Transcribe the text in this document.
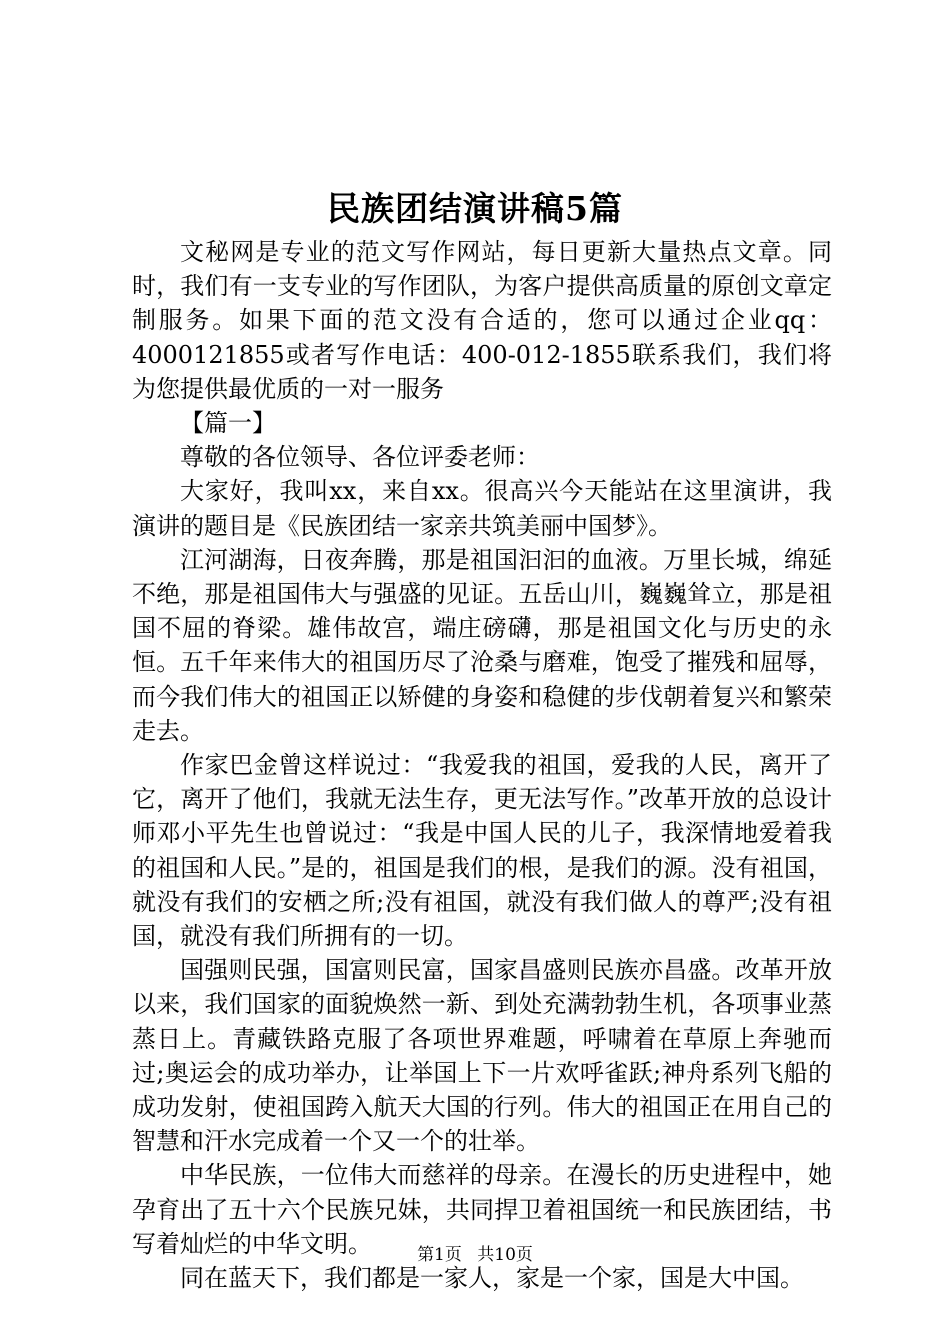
民族团结演讲稿5篇

文秘网是专业的范文写作网站，每日更新大量热点文章。同时，我们有一支专业的写作团队，为客户提供高质量的原创文章定制服务。如果下面的范文没有合适的，您可以通过企业qq：4000121855或者写作电话：400-012-1855联系我们，我们将为您提供最优质的一对一服务

【篇一】

尊敬的各位领导、各位评委老师：

大家好，我叫xx，来自xx。很高兴今天能站在这里演讲，我演讲的题目是《民族团结一家亲共筑美丽中国梦》。

江河湖海，日夜奔腾，那是祖国汩汩的血液。万里长城，绵延不绝，那是祖国伟大与强盛的见证。五岳山川，巍巍耸立，那是祖国不屈的脊梁。雄伟故宫，端庄磅礴，那是祖国文化与历史的永恒。五千年来伟大的祖国历尽了沧桑与磨难，饱受了摧残和屈辱，而今我们伟大的祖国正以矫健的身姿和稳健的步伐朝着复兴和繁荣走去。

作家巴金曾这样说过：“我爱我的祖国，爱我的人民，离开了它，离开了他们，我就无法生存，更无法写作。”改革开放的总设计师邓小平先生也曾说过：“我是中国人民的儿子，我深情地爱着我的祖国和人民。”是的，祖国是我们的根，是我们的源。没有祖国，就没有我们的安栖之所;没有祖国，就没有我们做人的尊严;没有祖国，就没有我们所拥有的一切。

国强则民强，国富则民富，国家昌盛则民族亦昌盛。改革开放以来，我们国家的面貌焕然一新、到处充满勃勃生机，各项事业蒸蒸日上。青藏铁路克服了各项世界难题，呼啸着在草原上奔驰而过;奥运会的成功举办，让举国上下一片欢呼雀跃;神舟系列飞船的成功发射，使祖国跨入航天大国的行列。伟大的祖国正在用自己的智慧和汗水完成着一个又一个的壮举。

中华民族，一位伟大而慈祥的母亲。在漫长的历史进程中，她孕育出了五十六个民族兄妹，共同捍卫着祖国统一和民族团结，书写着灿烂的中华文明。

同在蓝天下，我们都是一家人，家是一个家，国是大中国。

第1页 共10页
